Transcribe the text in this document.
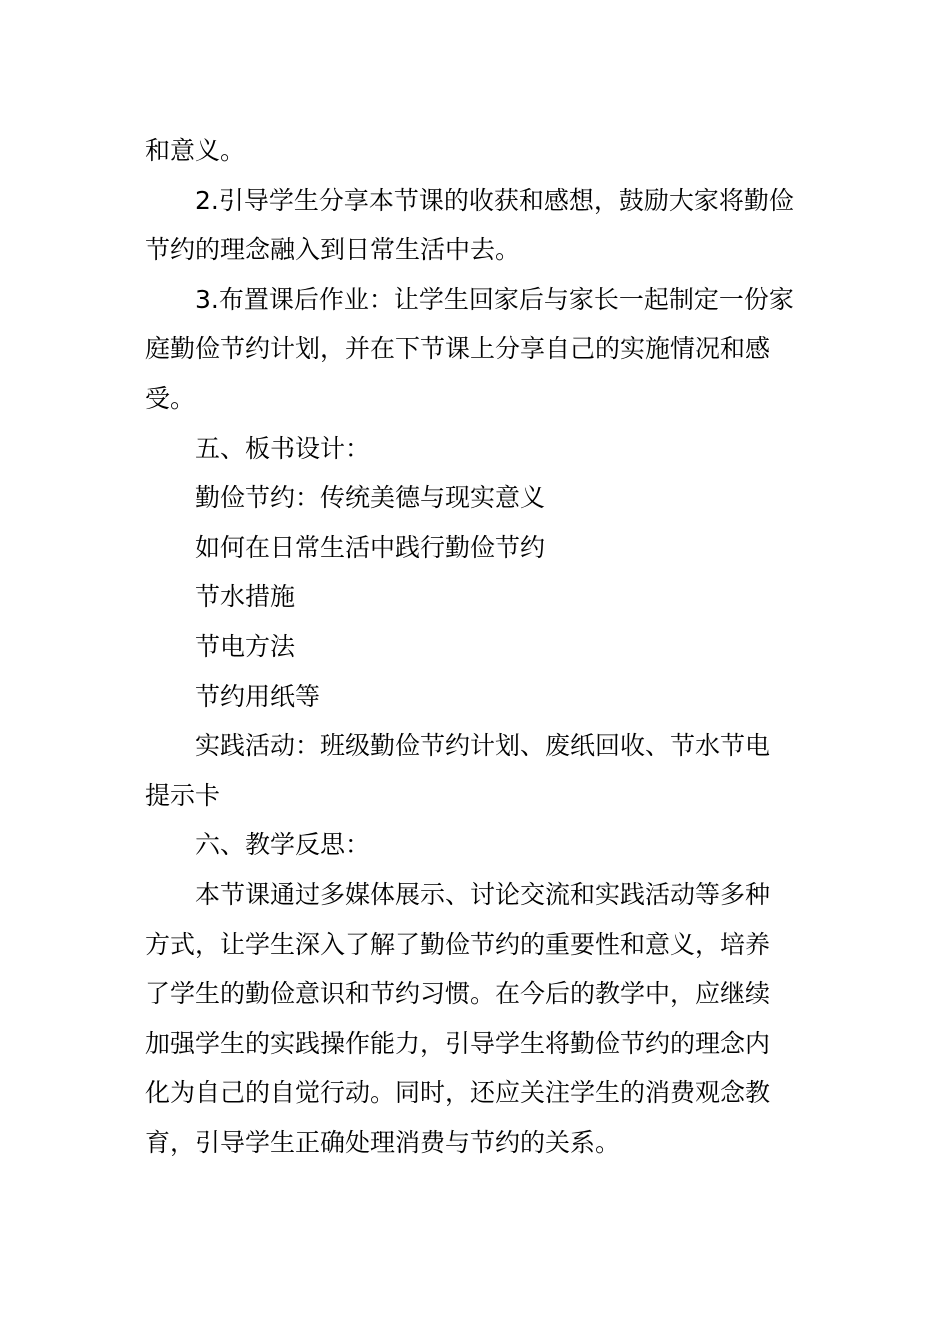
和意义。
2.引导学生分享本节课的收获和感想，鼓励大家将勤俭
节约的理念融入到日常生活中去。
3.布置课后作业：让学生回家后与家长一起制定一份家
庭勤俭节约计划，并在下节课上分享自己的实施情况和感
受。
五、板书设计：
勤俭节约：传统美德与现实意义
如何在日常生活中践行勤俭节约
节水措施
节电方法
节约用纸等
实践活动：班级勤俭节约计划、废纸回收、节水节电
提示卡
六、教学反思：
本节课通过多媒体展示、讨论交流和实践活动等多种
方式，让学生深入了解了勤俭节约的重要性和意义，培养
了学生的勤俭意识和节约习惯。在今后的教学中，应继续
加强学生的实践操作能力，引导学生将勤俭节约的理念内
化为自己的自觉行动。同时，还应关注学生的消费观念教
育，引导学生正确处理消费与节约的关系。
